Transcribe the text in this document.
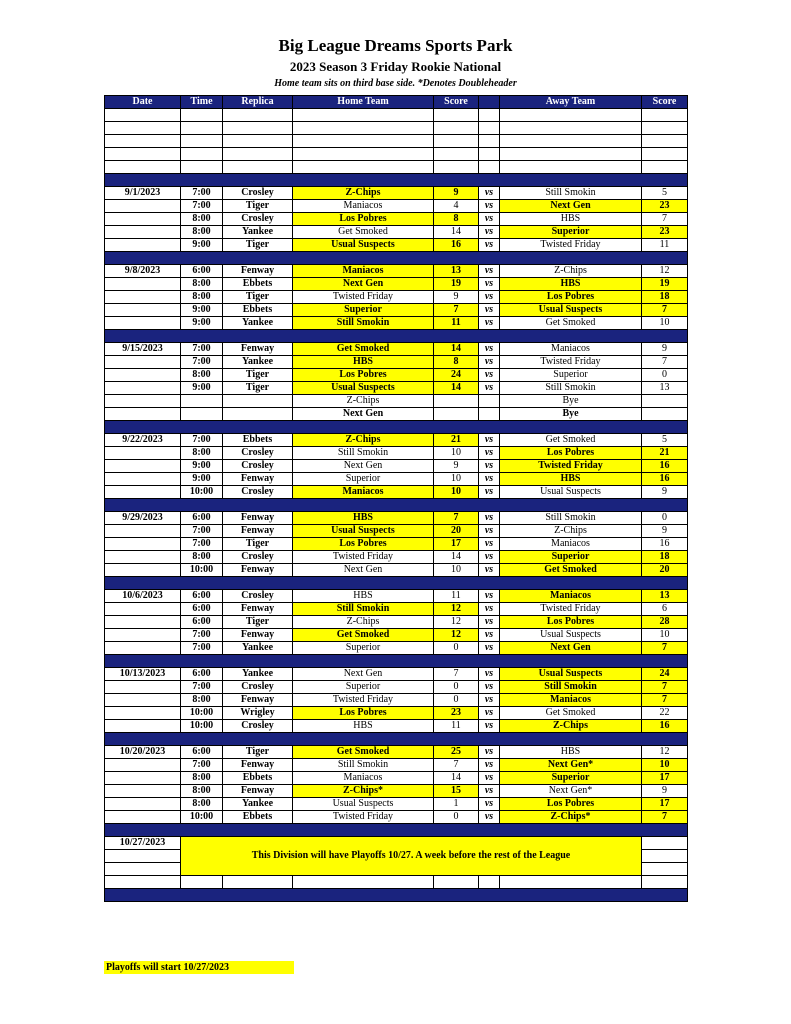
Big League Dreams Sports Park
2023 Season 3 Friday Rookie National
Home team sits on third base side. *Denotes Doubleheader
Date	Time	Replica	Home Team	Score		Away Team	Score

9/1/2023	7:00	Crosley	Z-Chips	9	vs	Still Smokin	5
	7:00	Tiger	Maniacos	4	vs	Next Gen	23
	8:00	Crosley	Los Pobres	8	vs	HBS	7
	8:00	Yankee	Get Smoked	14	vs	Superior	23
	9:00	Tiger	Usual Suspects	16	vs	Twisted Friday	11

9/8/2023	6:00	Fenway	Maniacos	13	vs	Z-Chips	12
	8:00	Ebbets	Next Gen	19	vs	HBS	19
	8:00	Tiger	Twisted Friday	9	vs	Los Pobres	18
	9:00	Ebbets	Superior	7	vs	Usual Suspects	7
	9:00	Yankee	Still Smokin	11	vs	Get Smoked	10

9/15/2023	7:00	Fenway	Get Smoked	14	vs	Maniacos	9
	7:00	Yankee	HBS	8	vs	Twisted Friday	7
	8:00	Tiger	Los Pobres	24	vs	Superior	0
	9:00	Tiger	Usual Suspects	14	vs	Still Smokin	13
			Z-Chips			Bye	
			Next Gen			Bye	

9/22/2023	7:00	Ebbets	Z-Chips	21	vs	Get Smoked	5
	8:00	Crosley	Still Smokin	10	vs	Los Pobres	21
	9:00	Crosley	Next Gen	9	vs	Twisted Friday	16
	9:00	Fenway	Superior	10	vs	HBS	16
	10:00	Crosley	Maniacos	10	vs	Usual Suspects	9

9/29/2023	6:00	Fenway	HBS	7	vs	Still Smokin	0
	7:00	Fenway	Usual Suspects	20	vs	Z-Chips	9
	7:00	Tiger	Los Pobres	17	vs	Maniacos	16
	8:00	Crosley	Twisted Friday	14	vs	Superior	18
	10:00	Fenway	Next Gen	10	vs	Get Smoked	20

10/6/2023	6:00	Crosley	HBS	11	vs	Maniacos	13
	6:00	Fenway	Still Smokin	12	vs	Twisted Friday	6
	6:00	Tiger	Z-Chips	12	vs	Los Pobres	28
	7:00	Fenway	Get Smoked	12	vs	Usual Suspects	10
	7:00	Yankee	Superior	0	vs	Next Gen	7

10/13/2023	6:00	Yankee	Next Gen	7	vs	Usual Suspects	24
	7:00	Crosley	Superior	0	vs	Still Smokin	7
	8:00	Fenway	Twisted Friday	0	vs	Maniacos	7
	10:00	Wrigley	Los Pobres	23	vs	Get Smoked	22
	10:00	Crosley	HBS	11	vs	Z-Chips	16

10/20/2023	6:00	Tiger	Get Smoked	25	vs	HBS	12
	7:00	Fenway	Still Smokin	7	vs	Next Gen*	10
	8:00	Ebbets	Maniacos	14	vs	Superior	17
	8:00	Fenway	Z-Chips*	15	vs	Next Gen*	9
	8:00	Yankee	Usual Suspects	1	vs	Los Pobres	17
	10:00	Ebbets	Twisted Friday	0	vs	Z-Chips*	7

10/27/2023	This Division will have Playoffs 10/27. A week before the rest of the League						

Playoffs will start 10/27/2023
